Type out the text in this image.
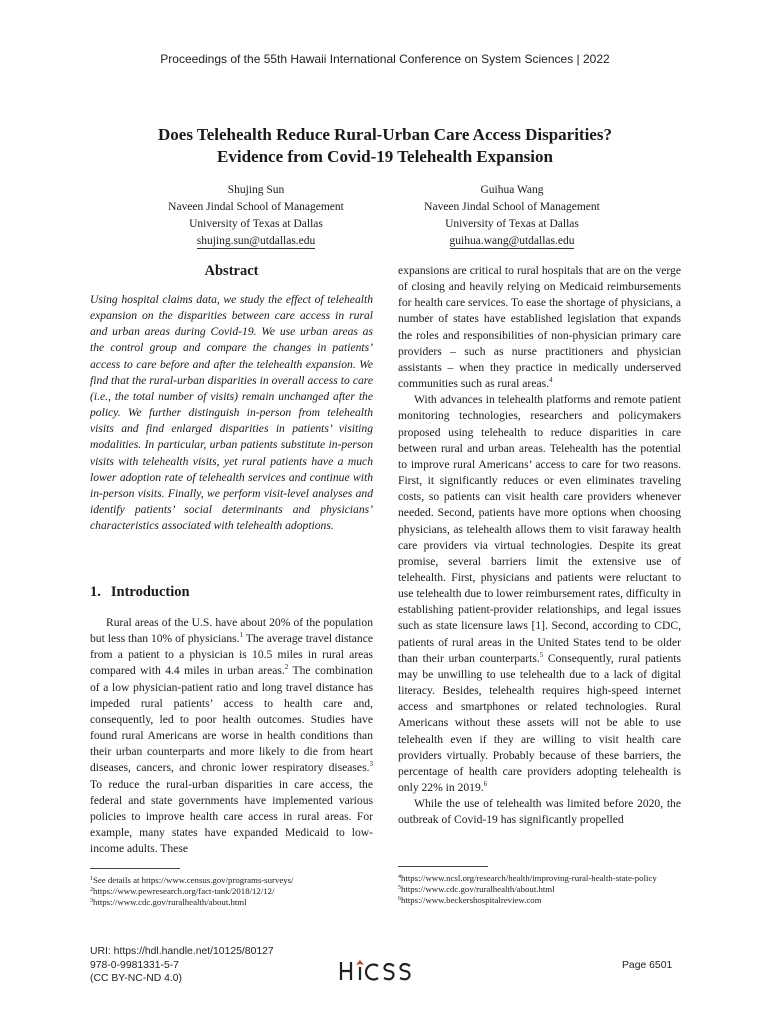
Proceedings of the 55th Hawaii International Conference on System Sciences | 2022
Does Telehealth Reduce Rural-Urban Care Access Disparities?
Evidence from Covid-19 Telehealth Expansion
Shujing Sun
Naveen Jindal School of Management
University of Texas at Dallas
shujing.sun@utdallas.edu
Guihua Wang
Naveen Jindal School of Management
University of Texas at Dallas
guihua.wang@utdallas.edu
Abstract
Using hospital claims data, we study the effect of telehealth expansion on the disparities between care access in rural and urban areas during Covid-19. We use urban areas as the control group and compare the changes in patients’ access to care before and after the telehealth expansion. We find that the rural-urban disparities in overall access to care (i.e., the total number of visits) remain unchanged after the policy. We further distinguish in-person from telehealth visits and find enlarged disparities in patients’ visiting modalities. In particular, urban patients substitute in-person visits with telehealth visits, yet rural patients have a much lower adoption rate of telehealth services and continue with in-person visits. Finally, we perform visit-level analyses and identify patients’ social determinants and physicians’ characteristics associated with telehealth adoptions.
1. Introduction

Rural areas of the U.S. have about 20% of the population but less than 10% of physicians.$^1$ The average travel distance from a patient to a physician is 10.5 miles in rural areas compared with 4.4 miles in urban areas.$^2$ The combination of a low physician-patient ratio and long travel distance has impeded rural patients’ access to health care and, consequently, led to poor health outcomes. Studies have found rural Americans are worse in health conditions than their urban counterparts and more likely to die from heart diseases, cancers, and chronic lower respiratory diseases.$^3$ To reduce the rural-urban disparities in care access, the federal and state governments have implemented various policies to improve health care access in rural areas. For example, many states have expanded Medicaid to low-income adults. These

expansions are critical to rural hospitals that are on the verge of closing and heavily relying on Medicaid reimbursements for health care services. To ease the shortage of physicians, a number of states have established legislation that expands the roles and responsibilities of non-physician primary care providers – such as nurse practitioners and physician assistants – when they practice in medically underserved communities such as rural areas.$^4$

With advances in telehealth platforms and remote patient monitoring technologies, researchers and policymakers proposed using telehealth to reduce disparities in care between rural and urban areas. Telehealth has the potential to improve rural Americans’ access to care for two reasons. First, it significantly reduces or even eliminates traveling costs, so patients can visit health care providers whenever needed. Second, patients have more options when choosing physicians, as telehealth allows them to visit faraway health care providers via virtual technologies. Despite its great promise, several barriers limit the extensive use of telehealth. First, physicians and patients were reluctant to use telehealth due to lower reimbursement rates, difficulty in establishing patient-provider relationships, and legal issues such as state licensure laws [1]. Second, according to CDC, patients of rural areas in the United States tend to be older than their urban counterparts.$^5$ Consequently, rural patients may be unwilling to use telehealth due to a lack of digital literacy. Besides, telehealth requires high-speed internet access and smartphones or related technologies. Rural Americans without these assets will not be able to use telehealth even if they are willing to visit health care providers virtually. Probably because of these barriers, the percentage of health care providers adopting telehealth is only 22% in 2019.$^6$

While the use of telehealth was limited before 2020, the outbreak of Covid-19 has significantly propelled

$^1$See details at https://www.census.gov/programs-surveys/
$^2$https://www.pewresearch.org/fact-tank/2018/12/12/
$^3$https://www.cdc.gov/ruralhealth/about.html
$^4$https://www.ncsl.org/research/health/improving-rural-health-state-policy
$^5$https://www.cdc.gov/ruralhealth/about.html
$^6$https://www.beckershospitalreview.com
URI: https://hdl.handle.net/10125/80127
978-0-9981331-5-7
(CC BY-NC-ND 4.0)
Page 6501
